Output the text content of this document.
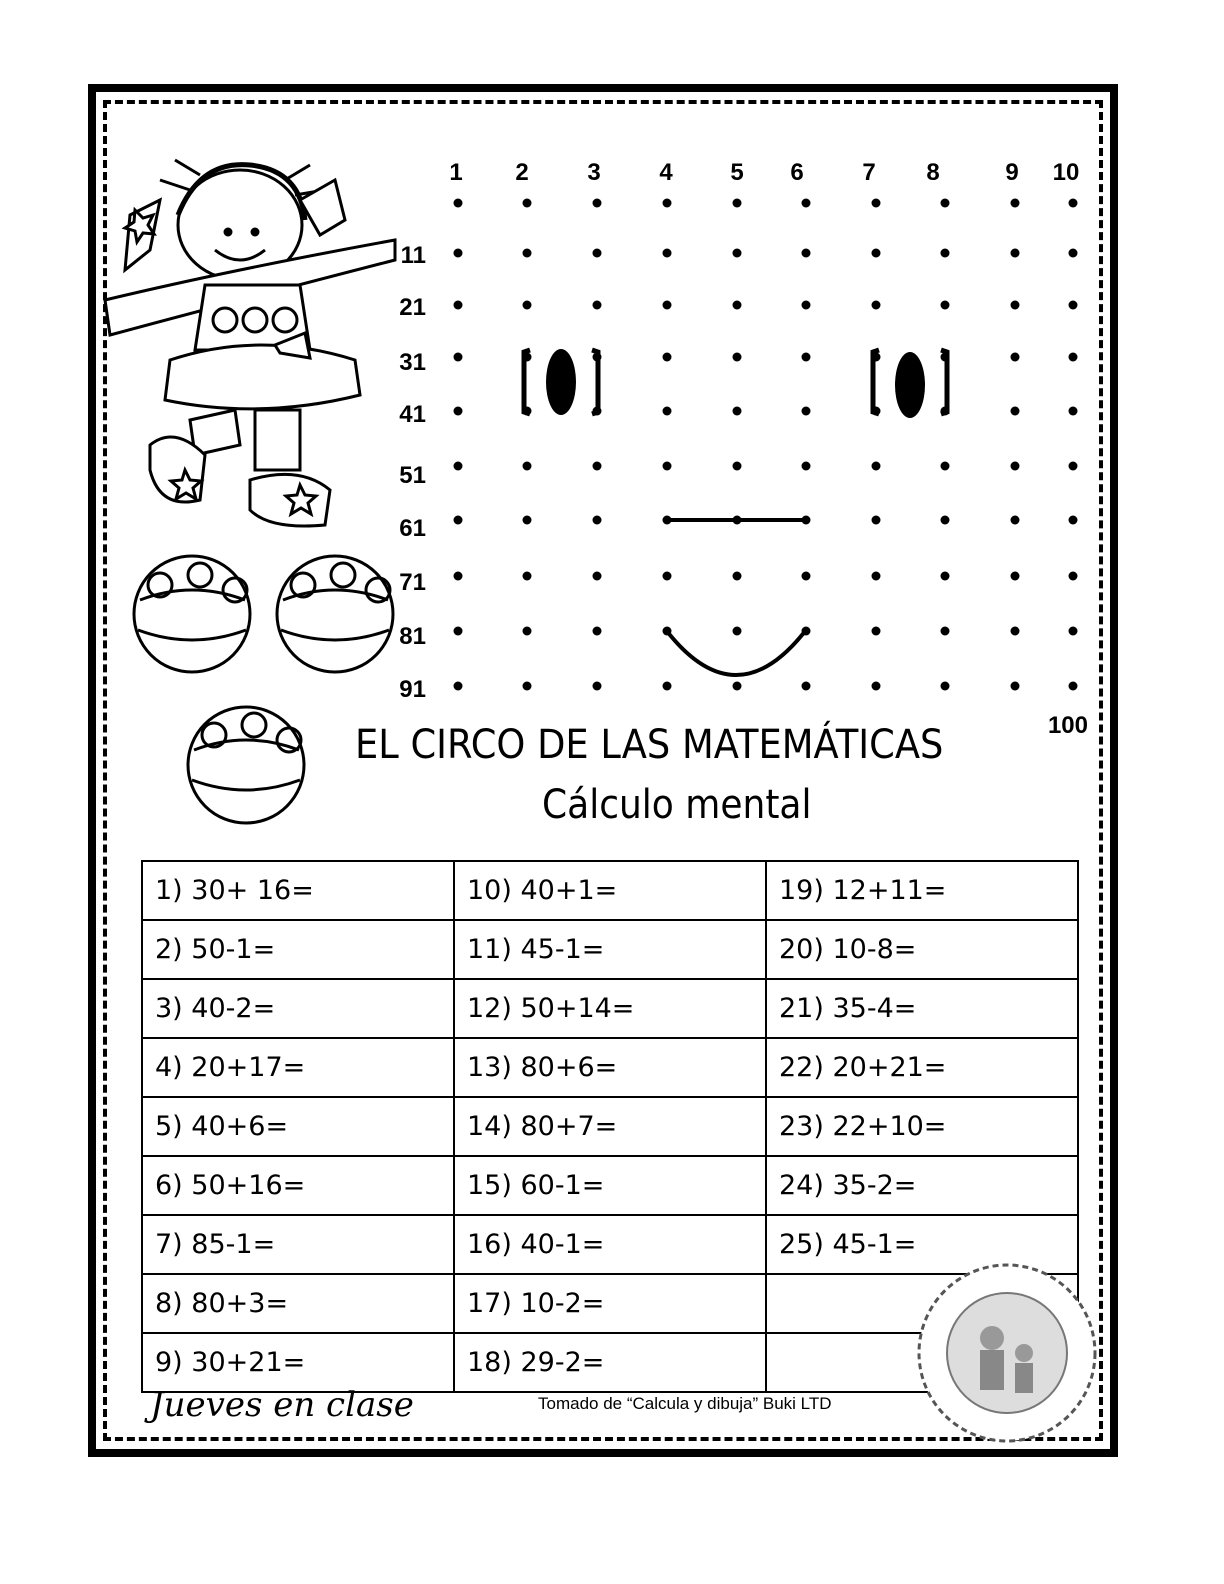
1 2 3 4 5 6 7 8	9 10
11
21
31
41
51
61
71
81
91
100
EL CIRCO DE LAS MATEMÁTICAS
Cálculo mental
1) 30+ 16=	10) 40+1=	19) 12+11=
2) 50-1=	11) 45-1=	20) 10-8=
3) 40-2=	12) 50+14=	21) 35-4=
4) 20+17=	13) 80+6=	22) 20+21=
5) 40+6=	14) 80+7=	23) 22+10=
6) 50+16=	15) 60-1=	24) 35-2=
7) 85-1=	16) 40-1=	25) 45-1=
8) 80+3=	17) 10-2=	
9) 30+21=	18) 29-2=	

Jueves en clase	Tomado de “Calcula y dibuja” Buki LTD
